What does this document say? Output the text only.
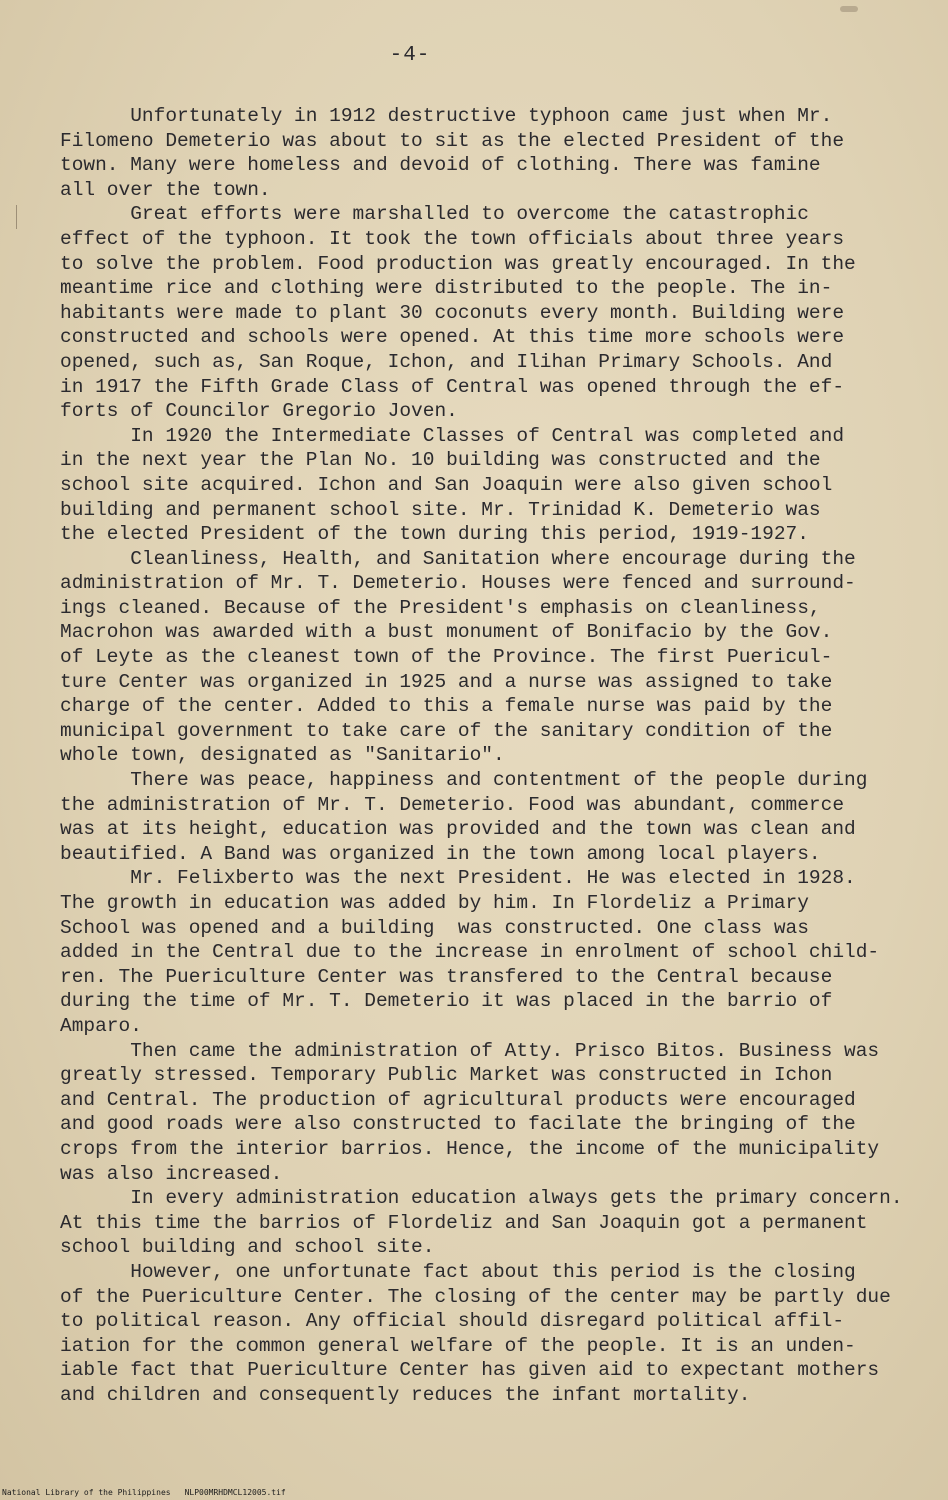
-4-
Unfortunately in 1912 destructive typhoon came just when Mr.
Filomeno Demeterio was about to sit as the elected President of the
town. Many were homeless and devoid of clothing. There was famine
all over the town.
Great efforts were marshalled to overcome the catastrophic
effect of the typhoon. It took the town officials about three years
to solve the problem. Food production was greatly encouraged. In the
meantime rice and clothing were distributed to the people. The in-
habitants were made to plant 30 coconuts every month. Building were
constructed and schools were opened. At this time more schools were
opened, such as, San Roque, Ichon, and Ilihan Primary Schools. And
in 1917 the Fifth Grade Class of Central was opened through the ef-
forts of Councilor Gregorio Joven.
In 1920 the Intermediate Classes of Central was completed and
in the next year the Plan No. 10 building was constructed and the
school site acquired. Ichon and San Joaquin were also given school
building and permanent school site. Mr. Trinidad K. Demeterio was
the elected President of the town during this period, 1919-1927.
Cleanliness, Health, and Sanitation where encourage during the
administration of Mr. T. Demeterio. Houses were fenced and surround-
ings cleaned. Because of the President's emphasis on cleanliness,
Macrohon was awarded with a bust monument of Bonifacio by the Gov.
of Leyte as the cleanest town of the Province. The first Puericul-
ture Center was organized in 1925 and a nurse was assigned to take
charge of the center. Added to this a female nurse was paid by the
municipal government to take care of the sanitary condition of the
whole town, designated as "Sanitario".
There was peace, happiness and contentment of the people during
the administration of Mr. T. Demeterio. Food was abundant, commerce
was at its height, education was provided and the town was clean and
beautified. A Band was organized in the town among local players.
Mr. Felixberto was the next President. He was elected in 1928.
The growth in education was added by him. In Flordeliz a Primary
School was opened and a building  was constructed. One class was
added in the Central due to the increase in enrolment of school child-
ren. The Puericulture Center was transfered to the Central because
during the time of Mr. T. Demeterio it was placed in the barrio of
Amparo.
Then came the administration of Atty. Prisco Bitos. Business was
greatly stressed. Temporary Public Market was constructed in Ichon
and Central. The production of agricultural products were encouraged
and good roads were also constructed to facilate the bringing of the
crops from the interior barrios. Hence, the income of the municipality
was also increased.
In every administration education always gets the primary concern.
At this time the barrios of Flordeliz and San Joaquin got a permanent
school building and school site.
However, one unfortunate fact about this period is the closing
of the Puericulture Center. The closing of the center may be partly due
to political reason. Any official should disregard political affil-
iation for the common general welfare of the people. It is an unden-
iable fact that Puericulture Center has given aid to expectant mothers
and children and consequently reduces the infant mortality.
National Library of the Philippines NLP00MRHDMCL12005.tif
